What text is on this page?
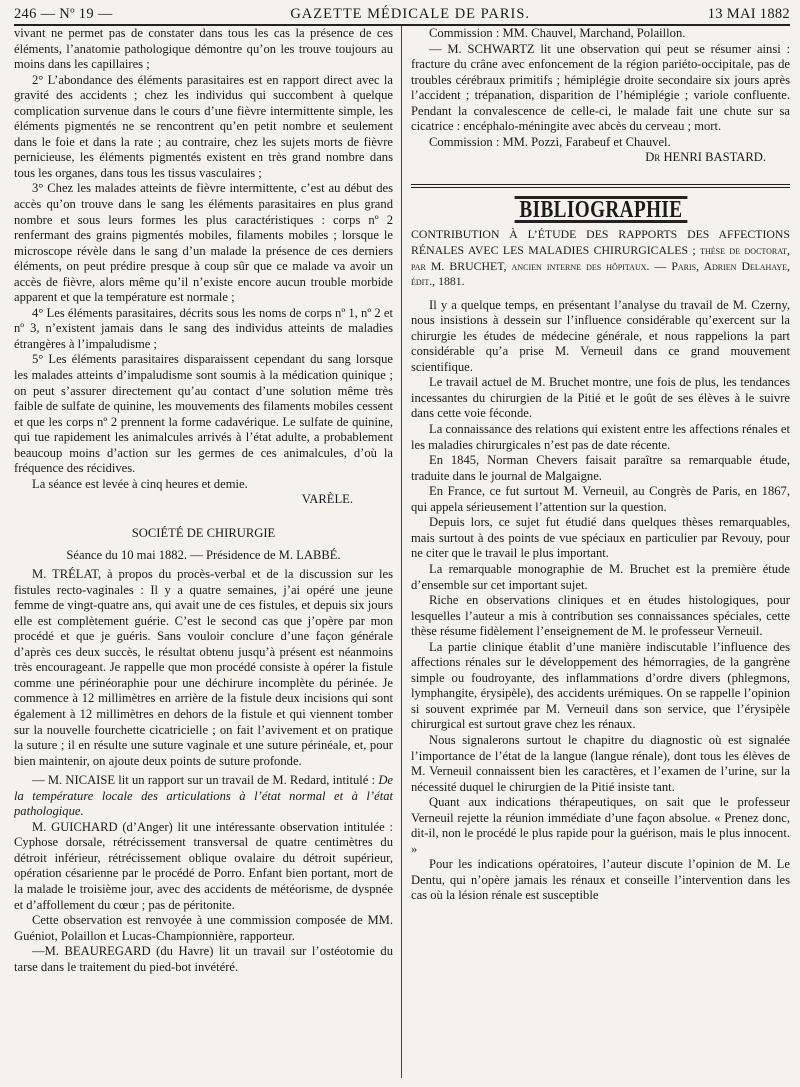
246 — Nº 19 —	GAZETTE MÉDICALE DE PARIS.	13 MAI 1882

vivant ne permet pas de constater dans tous les cas la présence de ces éléments, l’anatomie pathologique démontre qu’on les trouve toujours au moins dans les capillaires ;

2° L’abondance des éléments parasitaires est en rapport direct avec la gravité des accidents ; chez les individus qui succombent à quelque complication survenue dans le cours d’une fièvre intermittente simple, les éléments pigmentés ne se rencontrent qu’en petit nombre et seulement dans le foie et dans la rate ; au contraire, chez les sujets morts de fièvre pernicieuse, les éléments pigmentés existent en très grand nombre dans tous les organes, dans tous les tissus vasculaires ;

3° Chez les malades atteints de fièvre intermittente, c’est au début des accès qu’on trouve dans le sang les éléments parasitaires en plus grand nombre et sous leurs formes les plus caractéristiques : corps nº 2 renfermant des grains pigmentés mobiles, filaments mobiles ; lorsque le microscope révèle dans le sang d’un malade la présence de ces derniers éléments, on peut prédire presque à coup sûr que ce malade va avoir un accès de fièvre, alors même qu’il n’existe encore aucun trouble morbide apparent et que la température est normale ;

4° Les éléments parasitaires, décrits sous les noms de corps nº 1, nº 2 et nº 3, n’existent jamais dans le sang des individus atteints de maladies étrangères à l’impaludisme ;

5° Les éléments parasitaires disparaissent cependant du sang lorsque les malades atteints d’impaludisme sont soumis à la médication quinique ; on peut s’assurer directement qu’au contact d’une solution même très faible de sulfate de quinine, les mouvements des filaments mobiles cessent et que les corps nº 2 prennent la forme cadavérique. Le sulfate de quinine, qui tue rapidement les animalcules arrivés à l’état adulte, a probablement beaucoup moins d’action sur les germes de ces animalcules, d’où la fréquence des récidives.

La séance est levée à cinq heures et demie.

VARÈLE.

SOCIÉTÉ DE CHIRURGIE

Séance du 10 mai 1882. — Présidence de M. LABBÉ.

M. TRÉLAT, à propos du procès-verbal et de la discussion sur les fistules recto-vaginales : Il y a quatre semaines, j’ai opéré une jeune femme de vingt-quatre ans, qui avait une de ces fistules, et depuis six jours elle est complètement guérie. C’est le second cas que j’opère par mon procédé et que je guéris. Sans vouloir conclure d’une façon générale d’après ces deux succès, le résultat obtenu jusqu’à présent est néanmoins très encourageant. Je rappelle que mon procédé consiste à opérer la fistule comme une périnéoraphie pour une déchirure incomplète du périnée. Je commence à 12 millimètres en arrière de la fistule deux incisions qui sont également à 12 millimètres en dehors de la fistule et qui viennent tomber sur la nouvelle fourchette cicatricielle ; on fait l’avivement et on pratique la suture ; il en résulte une suture vaginale et une suture périnéale, et, pour bien maintenir, on ajoute deux points de suture profonde.

— M. NICAISE lit un rapport sur un travail de M. Redard, intitulé : De la température locale des articulations à l’état normal et à l’état pathologique.

M. GUICHARD (d’Anger) lit une intéressante observation intitulée : Cyphose dorsale, rétrécissement transversal de quatre centimètres du détroit inférieur, rétrécissement oblique ovalaire du détroit supérieur, opération césarienne par le procédé de Porro. Enfant bien portant, mort de la malade le troisième jour, avec des accidents de météorisme, de dyspnée et d’affollement du cœur ; pas de péritonite.

Cette observation est renvoyée à une commission composée de MM. Guéniot, Polaillon et Lucas-Championnière, rapporteur.

—M. BEAUREGARD (du Havre) lit un travail sur l’ostéotomie du tarse dans le traitement du pied-bot invétéré.

Commission : MM. Chauvel, Marchand, Polaillon.

— M. SCHWARTZ lit une observation qui peut se résumer ainsi : fracture du crâne avec enfoncement de la région pariéto-occipitale, pas de troubles cérébraux primitifs ; hémiplégie droite secondaire six jours après l’accident ; trépanation, disparition de l’hémiplégie ; variole confluente. Pendant la convalescence de celle-ci, le malade fait une chute sur sa cicatrice : encéphalo-méningite avec abcès du cerveau ; mort.

Commission : MM. Pozzi, Farabeuf et Chauvel.

Dr HENRI BASTARD.

BIBLIOGRAPHIE

CONTRIBUTION À L’ÉTUDE DES RAPPORTS DES AFFECTIONS RÉNALES AVEC LES MALADIES CHIRURGICALES ; thèse de doctorat, par M. BRUCHET, ancien interne des hôpitaux. — Paris, Adrien Delahaye, édit., 1881.

Il y a quelque temps, en présentant l’analyse du travail de M. Czerny, nous insistions à dessein sur l’influence considérable qu’exercent sur la chirurgie les études de médecine générale, et nous rappelions la part considérable qu’a prise M. Verneuil dans ce grand mouvement scientifique.

Le travail actuel de M. Bruchet montre, une fois de plus, les tendances incessantes du chirurgien de la Pitié et le goût de ses élèves à le suivre dans cette voie féconde.

La connaissance des relations qui existent entre les affections rénales et les maladies chirurgicales n’est pas de date récente.

En 1845, Norman Chevers faisait paraître sa remarquable étude, traduite dans le journal de Malgaigne.

En France, ce fut surtout M. Verneuil, au Congrès de Paris, en 1867, qui appela sérieusement l’attention sur la question.

Depuis lors, ce sujet fut étudié dans quelques thèses remarquables, mais surtout à des points de vue spéciaux en particulier par Revouy, pour ne citer que le travail le plus important.

La remarquable monographie de M. Bruchet est la première étude d’ensemble sur cet important sujet.

Riche en observations cliniques et en études histologiques, pour lesquelles l’auteur a mis à contribution ses connaissances spéciales, cette thèse résume fidèlement l’enseignement de M. le professeur Verneuil.

La partie clinique établit d’une manière indiscutable l’influence des affections rénales sur le développement des hémorragies, de la gangrène simple ou foudroyante, des inflammations d’ordre divers (phlegmons, lymphangite, érysipèle), des accidents urémiques. On se rappelle l’opinion si souvent exprimée par M. Verneuil dans son service, que l’érysipèle chirurgical est surtout grave chez les rénaux.

Nous signalerons surtout le chapitre du diagnostic où est signalée l’importance de l’état de la langue (langue rénale), dont tous les élèves de M. Verneuil connaissent bien les caractères, et l’examen de l’urine, sur la nécessité duquel le chirurgien de la Pitié insiste tant.

Quant aux indications thérapeutiques, on sait que le professeur Verneuil rejette la réunion immédiate d’une façon absolue. « Prenez donc, dit-il, non le procédé le plus rapide pour la guérison, mais le plus innocent. »

Pour les indications opératoires, l’auteur discute l’opinion de M. Le Dentu, qui n’opère jamais les rénaux et conseille l’intervention dans les cas où la lésion rénale est susceptible
